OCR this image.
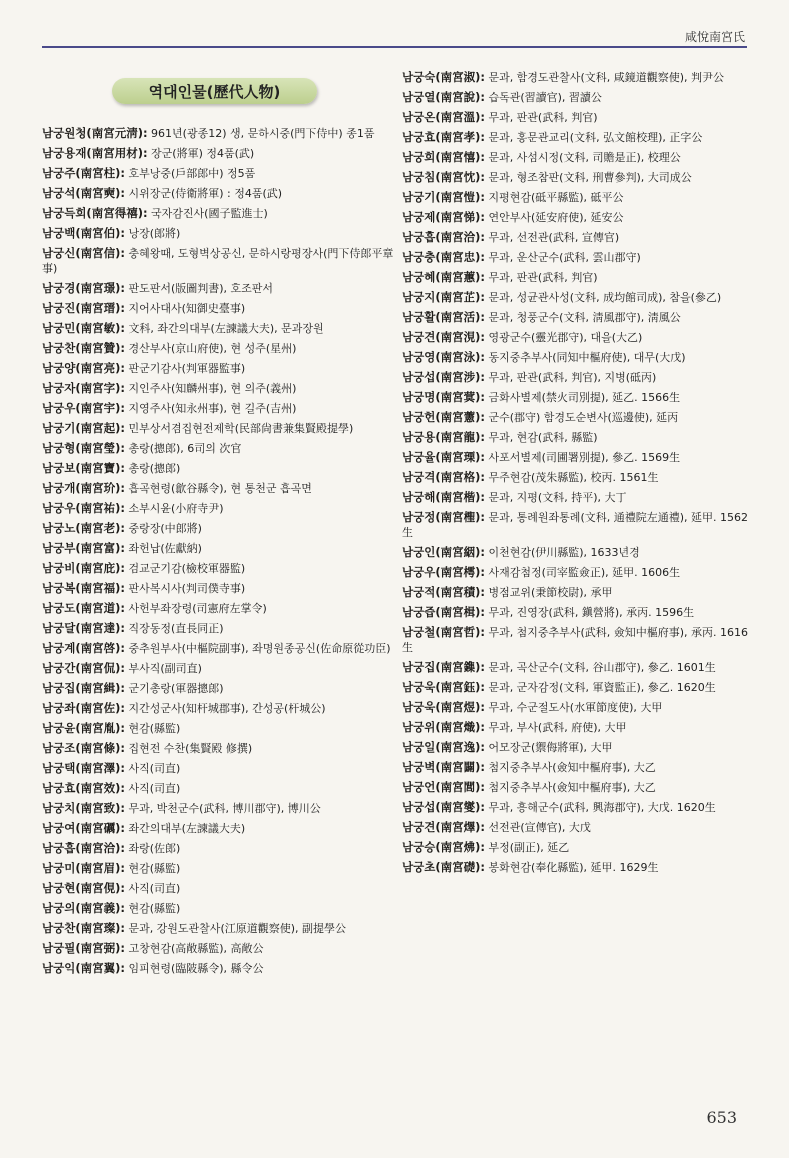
咸悅南宮氏
역대인물(歷代人物)
남궁원청(南宮元淸): 961년(광종12) 생, 문하시중(門下侍中) 종1품
남궁용재(南宮用材): 장군(將軍) 정4품(武)
남궁주(南宮柱): 호부낭중(戶部郎中) 정5품
남궁석(南宮奭): 시위장군(侍衛將軍) : 정4품(武)
남궁득희(南宮得禧): 국자감진사(國子監進士)
남궁백(南宮伯): 낭장(郎將)
남궁신(南宮信): 충혜왕때, 도형벽상공신, 문하시랑평장사(門下侍郎平章事)
남궁경(南宮璟): 판도판서(版圖判書), 호조판서
남궁진(南宮瑨): 지어사대사(知御史臺事)
남궁민(南宮敏): 文科, 좌간의대부(左諫議大夫), 문과장원
남궁찬(南宮贊): 경산부사(京山府使), 현 성주(星州)
남궁양(南宮亮): 판군기감사(判軍器監事)
남궁자(南宮字): 지인주사(知麟州事), 현 의주(義州)
남궁우(南宮宇): 지영주사(知永州事), 현 길주(吉州)
남궁기(南宮起): 민부상서겸집현전제학(民部尙書兼集賢殿提學)
남궁형(南宮瑩): 총랑(摠郎), 6司의 次官
남궁보(南宮寶): 총랑(摠郎)
남궁개(南宮玠): 흡곡현령(歙谷縣令), 현 통천군 흡곡면
남궁우(南宮祐): 소부시윤(小府寺尹)
남궁노(南宮老): 중랑장(中郎將)
남궁부(南宮富): 좌헌납(佐獻納)
남궁비(南宮庇): 검교군기감(檢校軍器監)
남궁복(南宮福): 판사복시사(判司僕寺事)
남궁도(南宮道): 사헌부좌장령(司憲府左掌令)
남궁달(南宮達): 직장동정(直長同正)
남궁계(南宮啓): 중추원부사(中樞院副事), 좌명원종공신(佐命原從功臣)
남궁간(南宮侃): 부사직(副司直)
남궁집(南宮緝): 군기총랑(軍器摠郎)
남궁좌(南宮佐): 지간성군사(知杆城郡事), 간성공(杆城公)
남궁윤(南宮胤): 현감(縣監)
남궁조(南宮條): 집현전 수찬(集賢殿 修撰)
남궁택(南宮澤): 사직(司直)
남궁효(南宮效): 사직(司直)
남궁치(南宮致): 무과, 박천군수(武科, 博川郡守), 博川公
남궁여(南宮礪): 좌간의대부(左諫議大夫)
남궁흡(南宮洽): 좌랑(佐郎)
남궁미(南宮眉): 현감(縣監)
남궁현(南宮俔): 사직(司直)
남궁의(南宮義): 현감(縣監)
남궁찬(南宮璨): 문과, 강원도관찰사(江原道觀察使), 副提學公
남궁필(南宮弼): 고창현감(高敞縣監), 高敞公
남궁익(南宮翼): 임피현령(臨陂縣令), 縣令公
남궁숙(南宮淑): 문과, 함경도관찰사(文科, 咸鏡道觀察使), 判尹公
남궁열(南宮說): 습독관(習讀官), 習讀公
남궁온(南宮溫): 무과, 판관(武科, 判官)
남궁효(南宮孝): 문과, 홍문관교리(文科, 弘文館校理), 正字公
남궁희(南宮憘): 문과, 사섬시정(文科, 司贍是正), 校理公
남궁침(南宮忱): 문과, 형조참판(文科, 刑曹參判), 大司成公
남궁기(南宮愷): 지평현감(砥平縣監), 砥平公
남궁제(南宮悌): 연안부사(延安府使), 延安公
남궁흡(南宮洽): 무과, 선전관(武科, 宣傳官)
남궁충(南宮忠): 무과, 운산군수(武科, 雲山郡守)
남궁혜(南宮蕙): 무과, 판관(武科, 判官)
남궁지(南宮芷): 문과, 성균관사성(文科, 成均館司成), 참을(參乙)
남궁활(南宮活): 문과, 청풍군수(文科, 淸風郡守), 淸風公
남궁견(南宮涀): 영광군수(靈光郡守), 대을(大乙)
남궁영(南宮泳): 동지중추부사(同知中樞府使), 대무(大戊)
남궁섭(南宮涉): 무과, 판관(武科, 判官), 지병(砥丙)
남궁명(南宮蓂): 금화사별제(禁火司別提), 延乙. 1566生
남궁헌(南宮藼): 군수(郡守) 함경도순변사(巡邊使), 延丙
남궁용(南宮龍): 무과, 현감(武科, 縣監)
남궁율(南宮瑮): 사포서별제(司圃署別提), 參乙. 1569生
남궁격(南宮格): 무주현감(茂朱縣監), 校丙. 1561生
남궁해(南宮楷): 문과, 지평(文科, 持平), 大丁
남궁정(南宮檉): 문과, 통례원좌통례(文科, 通禮院左通禮), 延甲. 1562生
남궁인(南宮絪): 이천현감(伊川縣監), 1633년경
남궁우(南宮樗): 사재감첨정(司宰監僉正), 延甲. 1606生
남궁적(南宮積): 병점교위(秉節校尉), 承甲
남궁즙(南宮楫): 무과, 진영장(武科, 鎭營將), 承丙. 1596生
남궁철(南宮哲): 무과, 첨지중추부사(武科, 僉知中樞府事), 承丙. 1616生
남궁집(南宮鏶): 문과, 곡산군수(文科, 谷山郡守), 參乙. 1601生
남궁욱(南宮鈺): 문과, 군자감정(文科, 軍資監正), 參乙. 1620生
남궁욱(南宮煜): 무과, 수군절도사(水軍節度使), 大甲
남궁위(南宮熾): 무과, 부사(武科, 府使), 大甲
남궁일(南宮逸): 어모장군(禦侮將軍), 大甲
남궁벽(南宮闢): 첨지중추부사(僉知中樞府事), 大乙
남궁언(南宮閭): 첨지중추부사(僉知中樞府事), 大乙
남궁섭(南宮燮): 무과, 흥해군수(武科, 興海郡守), 大戊. 1620生
남궁견(南宮燡): 선전관(宣傳官), 大戊
남궁승(南宮炥): 부정(副正), 延乙
남궁초(南宮礎): 봉화현감(奉化縣監), 延甲. 1629生
653
